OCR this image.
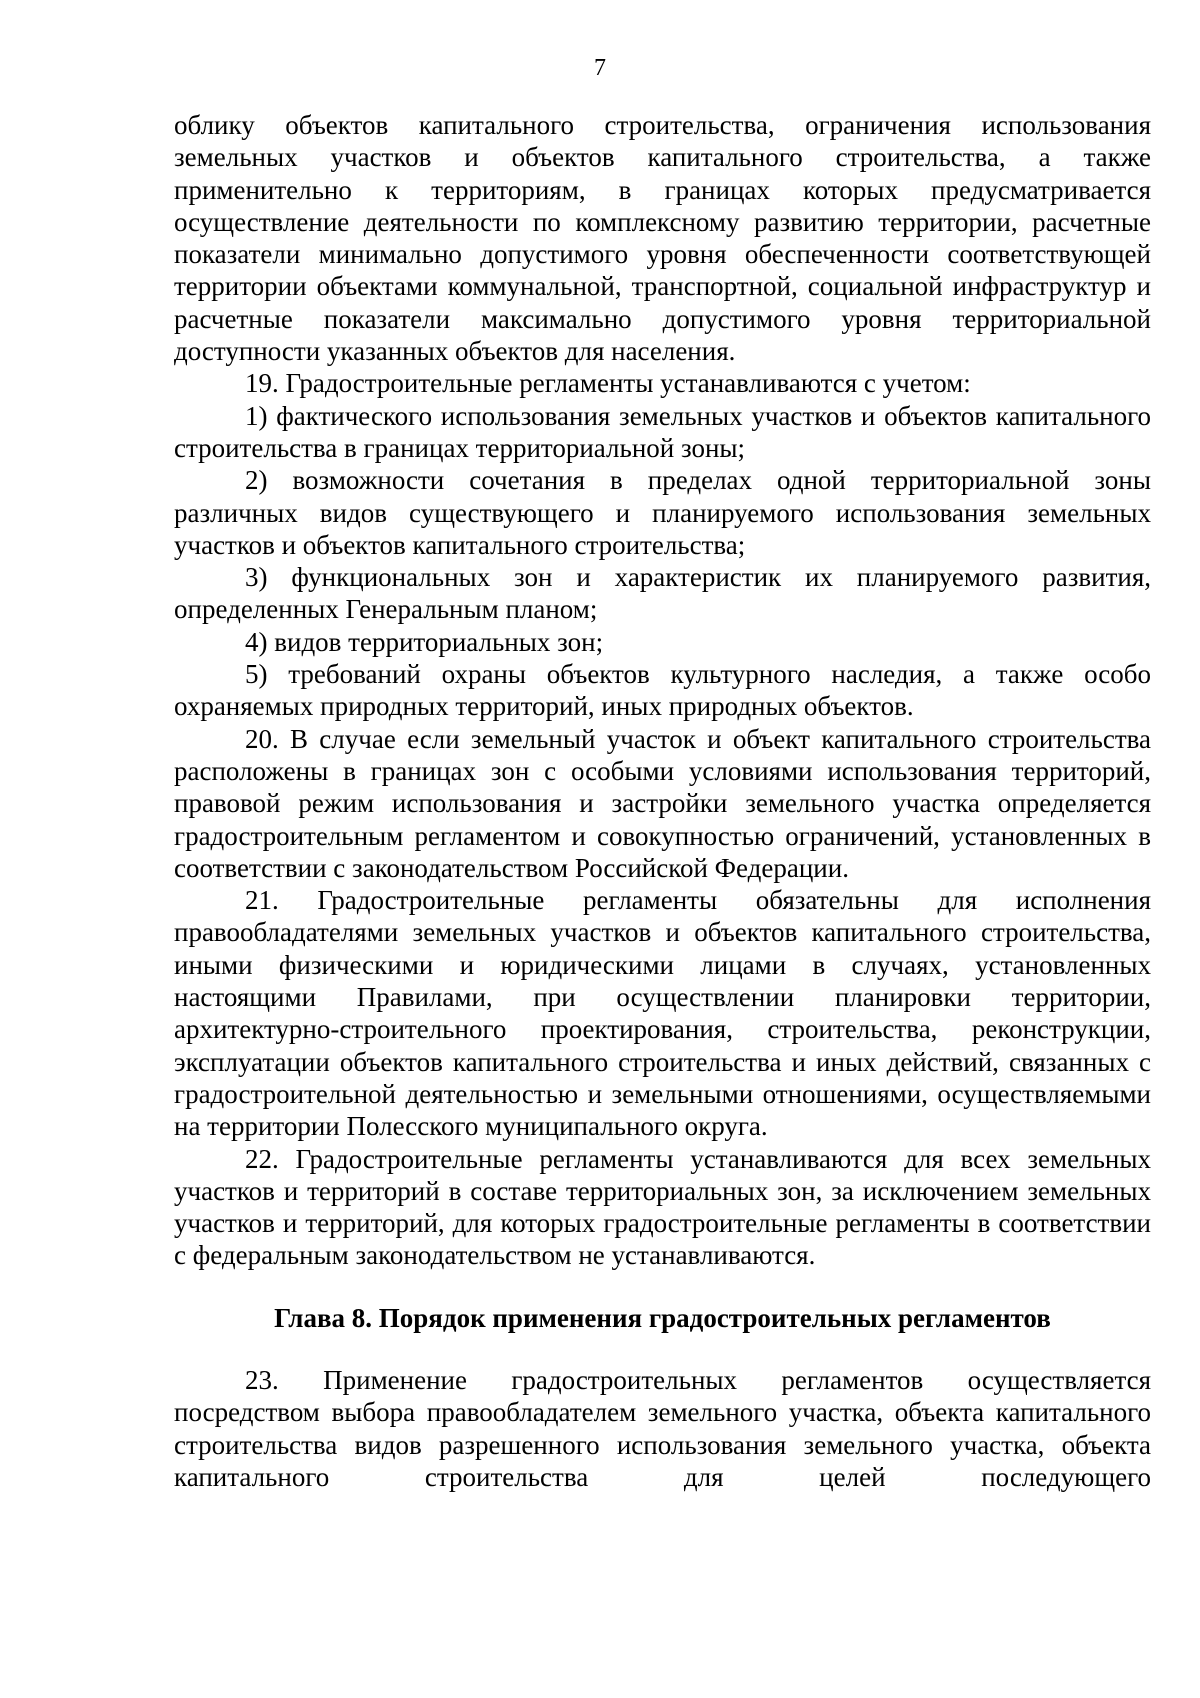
7

облику объектов капитального строительства, ограничения использования земельных участков и объектов капитального строительства, а также применительно к территориям, в границах которых предусматривается осуществление деятельности по комплексному развитию территории, расчетные показатели минимально допустимого уровня обеспеченности соответствующей территории объектами коммунальной, транспортной, социальной инфраструктур и расчетные показатели максимально допустимого уровня территориальной доступности указанных объектов для населения.

19. Градостроительные регламенты устанавливаются с учетом:

1) фактического использования земельных участков и объектов капитального строительства в границах территориальной зоны;

2) возможности сочетания в пределах одной территориальной зоны различных видов существующего и планируемого использования земельных участков и объектов капитального строительства;

3) функциональных зон и характеристик их планируемого развития, определенных Генеральным планом;

4) видов территориальных зон;

5) требований охраны объектов культурного наследия, а также особо охраняемых природных территорий, иных природных объектов.

20. В случае если земельный участок и объект капитального строительства расположены в границах зон с особыми условиями использования территорий, правовой режим использования и застройки земельного участка определяется градостроительным регламентом и совокупностью ограничений, установленных в соответствии с законодательством Российской Федерации.

21. Градостроительные регламенты обязательны для исполнения правообладателями земельных участков и объектов капитального строительства, иными физическими и юридическими лицами в случаях, установленных настоящими Правилами, при осуществлении планировки территории, архитектурно-строительного проектирования, строительства, реконструкции, эксплуатации объектов капитального строительства и иных действий, связанных с градостроительной деятельностью и земельными отношениями, осуществляемыми на территории Полесского муниципального округа.

22. Градостроительные регламенты устанавливаются для всех земельных участков и территорий в составе территориальных зон, за исключением земельных участков и территорий, для которых градостроительные регламенты в соответствии с федеральным законодательством не устанавливаются.

Глава 8. Порядок применения градостроительных регламентов

23. Применение градостроительных регламентов осуществляется посредством выбора правообладателем земельного участка, объекта капитального строительства видов разрешенного использования земельного участка, объекта капитального строительства для целей последующего
